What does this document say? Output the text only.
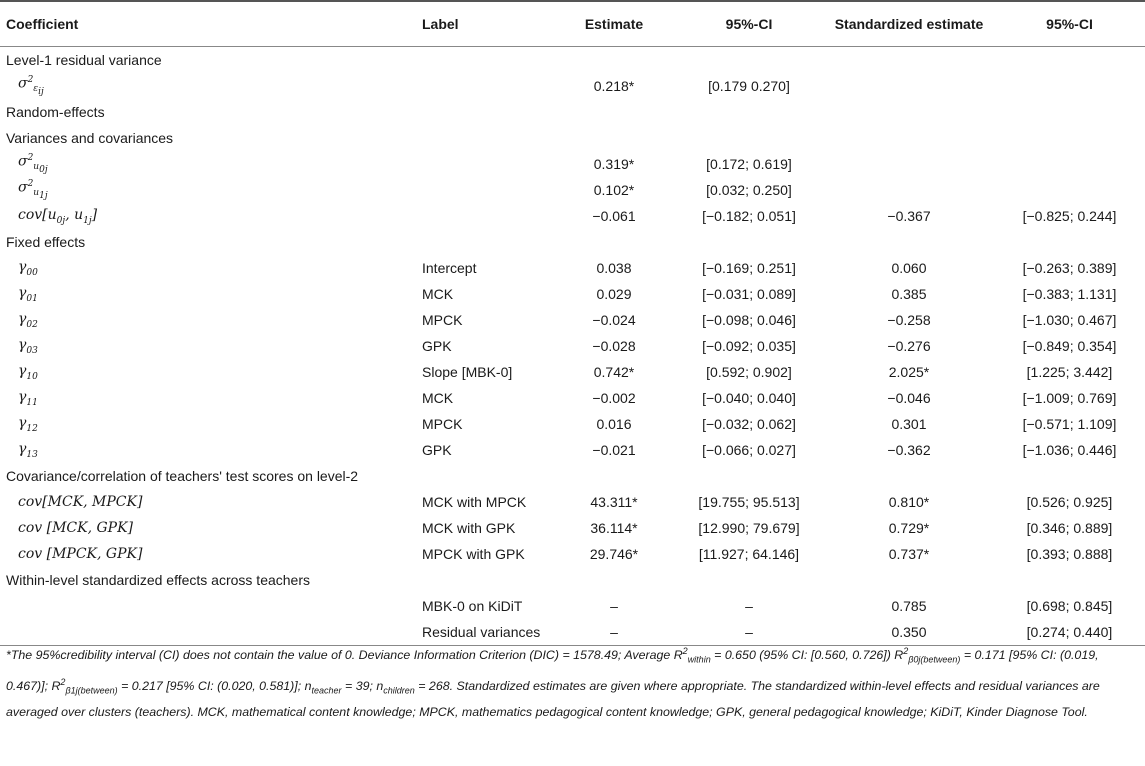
Coefficient	Label	Estimate	95%-CI	Standardized estimate	95%-CI
Level-1 residual variance					
$\sigma^2_{\varepsilon_{ij}}$		0.218*	[0.179 0.270]		
Random-effects					
Variances and covariances					
$\sigma^2_{u_{0j}}$		0.319*	[0.172; 0.619]		
$\sigma^2_{u_{1j}}$		0.102*	[0.032; 0.250]		
$cov[u_{0j}$, $u_{1j}$]		−0.061	[−0.182; 0.051]	−0.367	[−0.825; 0.244]
Fixed effects					
$\gamma_{00}$	Intercept	0.038	[−0.169; 0.251]	0.060	[−0.263; 0.389]
$\gamma_{01}$	MCK	0.029	[−0.031; 0.089]	0.385	[−0.383; 1.131]
$\gamma_{02}$	MPCK	−0.024	[−0.098; 0.046]	−0.258	[−1.030; 0.467]
$\gamma_{03}$	GPK	−0.028	[−0.092; 0.035]	−0.276	[−0.849; 0.354]
$\gamma_{10}$	Slope [MBK-0]	0.742*	[0.592; 0.902]	2.025*	[1.225; 3.442]
$\gamma_{11}$	MCK	−0.002	[−0.040; 0.040]	−0.046	[−1.009; 0.769]
$\gamma_{12}$	MPCK	0.016	[−0.032; 0.062]	0.301	[−0.571; 1.109]
$\gamma_{13}$	GPK	−0.021	[−0.066; 0.027]	−0.362	[−1.036; 0.446]
Covariance/correlation of teachers' test scores on level-2					
cov[MCK, MPCK]	MCK with MPCK	43.311*	[19.755; 95.513]	0.810*	[0.526; 0.925]
cov [MCK, GPK]	MCK with GPK	36.114*	[12.990; 79.679]	0.729*	[0.346; 0.889]
cov [MPCK, GPK]	MPCK with GPK	29.746*	[11.927; 64.146]	0.737*	[0.393; 0.888]
Within-level standardized effects across teachers					
	MBK-0 on KiDiT	–	–	0.785	[0.698; 0.845]
	Residual variances	–	–	0.350	[0.274; 0.440]
*The 95%credibility interval (CI) does not contain the value of 0. Deviance Information Criterion (DIC) = 1578.49; Average $R^2_{within} = 0.650$ (95% CI: [0.560, 0.726]) $R^2_{\beta 0j(between)} = 0.171$ [95% CI: (0.019, 0.467)]; $R^2_{\beta 1j(between)} = 0.217$ [95% CI: (0.020, 0.581)]; $n_{teacher} = 39$; $n_{children} = 268$. Standardized estimates are given where appropriate. The standardized within-level effects and residual variances are averaged over clusters (teachers). MCK, mathematical content knowledge; MPCK, mathematics pedagogical content knowledge; GPK, general pedagogical knowledge; KiDiT, Kinder Diagnose Tool.
